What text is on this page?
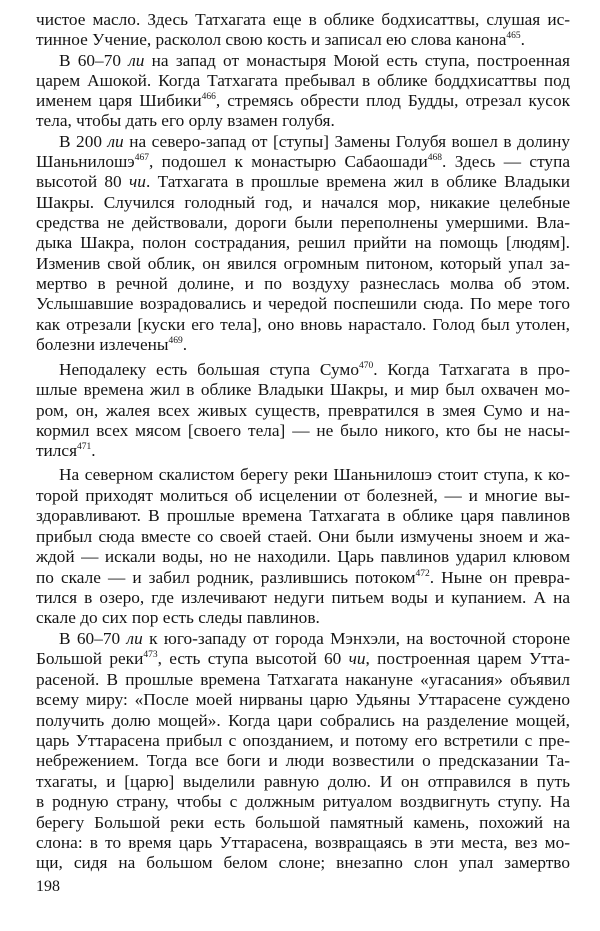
чистое масло. Здесь Татхагата еще в облике бодхисаттвы, слушая ис-
тинное Учение, расколол свою кость и записал ею слова канона$^{465}$.
В 60–70 ли на запад от монастыря Моюй есть ступа, построенная
царем Ашокой. Когда Татхагата пребывал в облике боддхисаттвы под
именем царя Шибики$^{466}$, стремясь обрести плод Будды, отрезал кусок
тела, чтобы дать его орлу взамен голубя.
В 200 ли на северо-запад от [ступы] Замены Голубя вошел в долину
Шаньнилошэ$^{467}$, подошел к монастырю Сабаошади$^{468}$. Здесь — ступа
высотой 80 чи. Татхагата в прошлые времена жил в облике Владыки
Шакры. Случился голодный год, и начался мор, никакие целебные
средства не действовали, дороги были переполнены умершими. Вла-
дыка Шакра, полон сострадания, решил прийти на помощь [людям].
Изменив свой облик, он явился огромным питоном, который упал за-
мертво в речной долине, и по воздуху разнеслась молва об этом.
Услышавшие возрадовались и чередой поспешили сюда. По мере того
как отрезали [куски его тела], оно вновь нарастало. Голод был утолен,
болезни излечены$^{469}$.
Неподалеку есть большая ступа Сумо$^{470}$. Когда Татхагата в про-
шлые времена жил в облике Владыки Шакры, и мир был охвачен мо-
ром, он, жалея всех живых существ, превратился в змея Сумо и на-
кормил всех мясом [своего тела] — не было никого, кто бы не насы-
тился$^{471}$.
На северном скалистом берегу реки Шаньнилошэ стоит ступа, к ко-
торой приходят молиться об исцелении от болезней, — и многие вы-
здоравливают. В прошлые времена Татхагата в облике царя павлинов
прибыл сюда вместе со своей стаей. Они были измучены зноем и жа-
ждой — искали воды, но не находили. Царь павлинов ударил клювом
по скале — и забил родник, разлившись потоком$^{472}$. Ныне он превра-
тился в озеро, где излечивают недуги питьем воды и купанием. А на
скале до сих пор есть следы павлинов.
В 60–70 ли к юго-западу от города Мэнхэли, на восточной стороне
Большой реки$^{473}$, есть ступа высотой 60 чи, построенная царем Утта-
расеной. В прошлые времена Татхагата накануне «угасания» объявил
всему миру: «После моей нирваны царю Удьяны Уттарасене суждено
получить долю мощей». Когда цари собрались на разделение мощей,
царь Уттарасена прибыл с опозданием, и потому его встретили с пре-
небрежением. Тогда все боги и люди возвестили о предсказании Та-
тхагаты, и [царю] выделили равную долю. И он отправился в путь
в родную страну, чтобы с должным ритуалом воздвигнуть ступу. На
берегу Большой реки есть большой памятный камень, похожий на
слона: в то время царь Уттарасена, возвращаясь в эти места, вез мо-
щи, сидя на большом белом слоне; внезапно слон упал замертво
198
